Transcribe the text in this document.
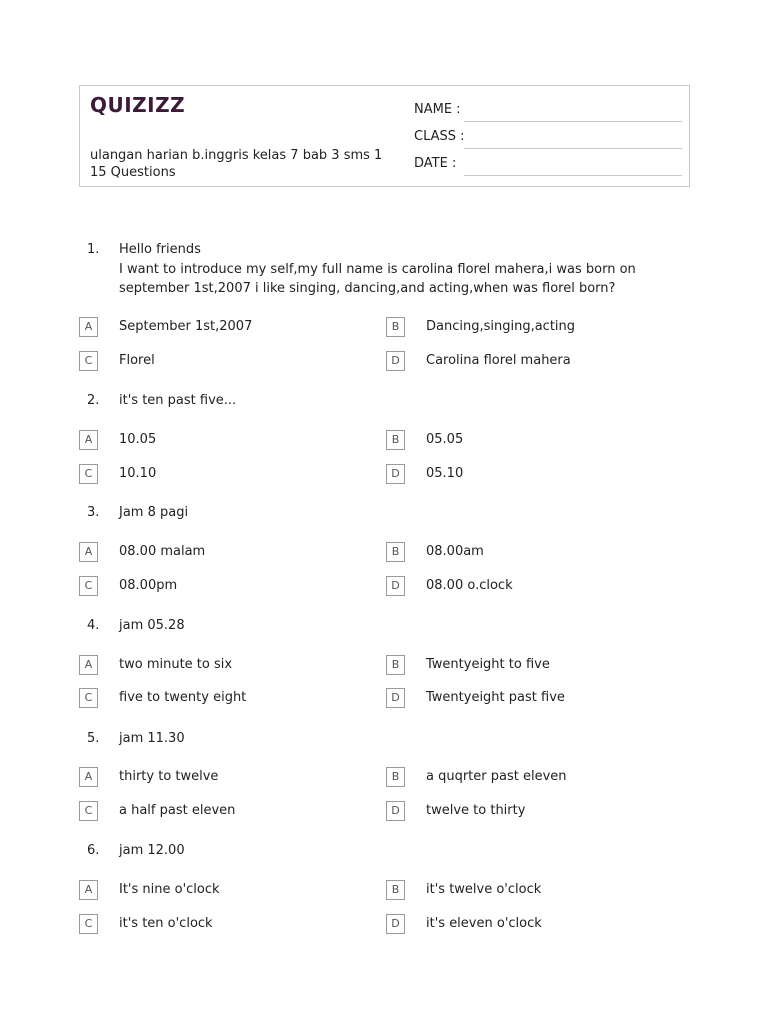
QUIZIZZ
ulangan harian b.inggris kelas 7 bab 3 sms 1
15 Questions
NAME :
CLASS :
DATE :
1.	Hello friends
I want to introduce my self,my full name is carolina florel mahera,i was born on september 1st,2007 i like singing, dancing,and acting,when was florel born?
A	September 1st,2007	B	Dancing,singing,acting
C	Florel	D	Carolina florel mahera
2.	it's ten past five...
A	10.05	B	05.05
C	10.10	D	05.10
3.	Jam 8 pagi
A	08.00 malam	B	08.00am
C	08.00pm	D	08.00 o.clock
4.	jam 05.28
A	two minute to six	B	Twentyeight to five
C	five to twenty eight	D	Twentyeight past five
5.	jam 11.30
A	thirty to twelve	B	a quqrter past eleven
C	a half past eleven	D	twelve to thirty
6.	jam 12.00
A	It's nine o'clock	B	it's twelve o'clock
C	it's ten o'clock	D	it's eleven o'clock
